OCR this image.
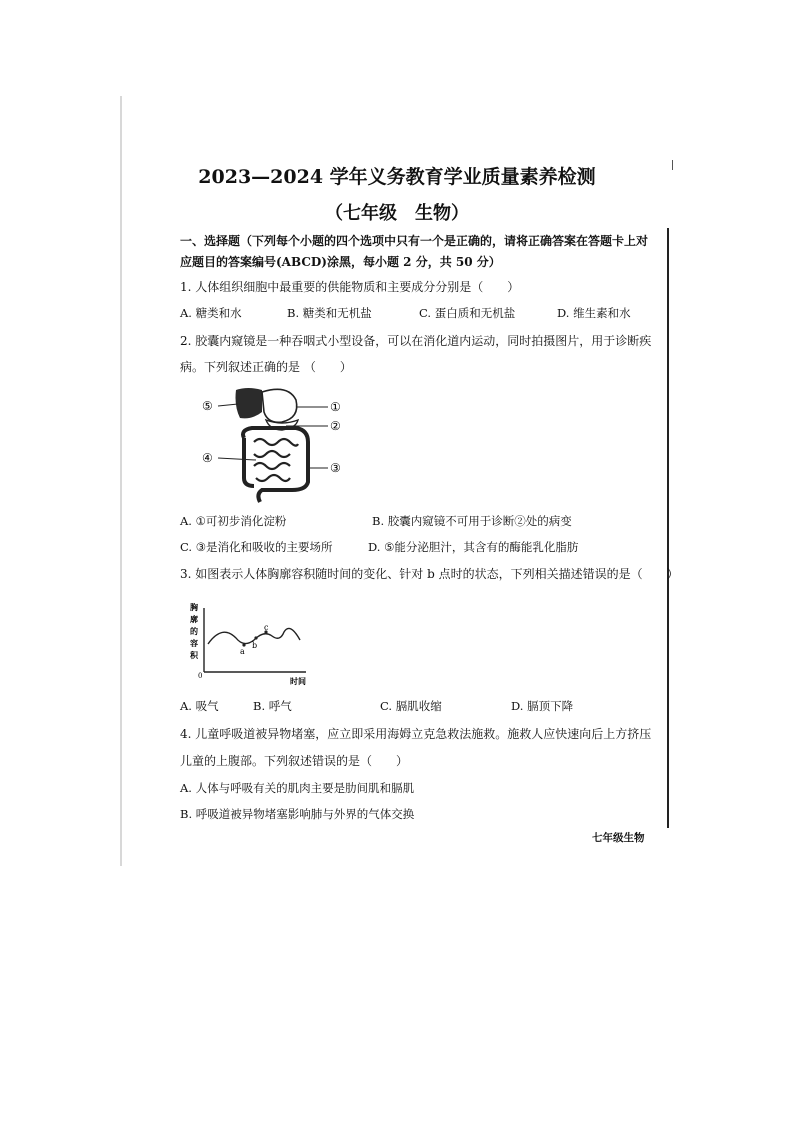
2023—2024 学年义务教育学业质量素养检测
（七年级　生物）
一、选择题（下列每个小题的四个选项中只有一个是正确的，请将正确答案在答题卡上对
应题目的答案编号(ABCD)涂黑，每小题 2 分，共 50 分）
1. 人体组织细胞中最重要的供能物质和主要成分分别是（　　）
A. 糖类和水	B. 糖类和无机盐	C. 蛋白质和无机盐	D. 维生素和水
2. 胶囊内窥镜是一种吞咽式小型设备，可以在消化道内运动，同时拍摄图片，用于诊断疾
病。下列叙述正确的是 （　　）
⑤	①
②
④
③
A. ①可初步消化淀粉	B. 胶囊内窥镜不可用于诊断②处的病变
C. ③是消化和吸收的主要场所	D. ⑤能分泌胆汁，其含有的酶能乳化脂肪
3. 如图表示人体胸廓容积随时间的变化、针对 b 点时的状态，下列相关描述错误的是（　　）
a
b
c
0	时间
胸
廓
的
容
积
A. 吸气	B. 呼气	C. 膈肌收缩	D. 膈顶下降
4. 儿童呼吸道被异物堵塞，应立即采用海姆立克急救法施救。施救人应快速向后上方挤压
儿童的上腹部。下列叙述错误的是（　　）
A. 人体与呼吸有关的肌肉主要是肋间肌和膈肌
B. 呼吸道被异物堵塞影响肺与外界的气体交换
七年级生物
